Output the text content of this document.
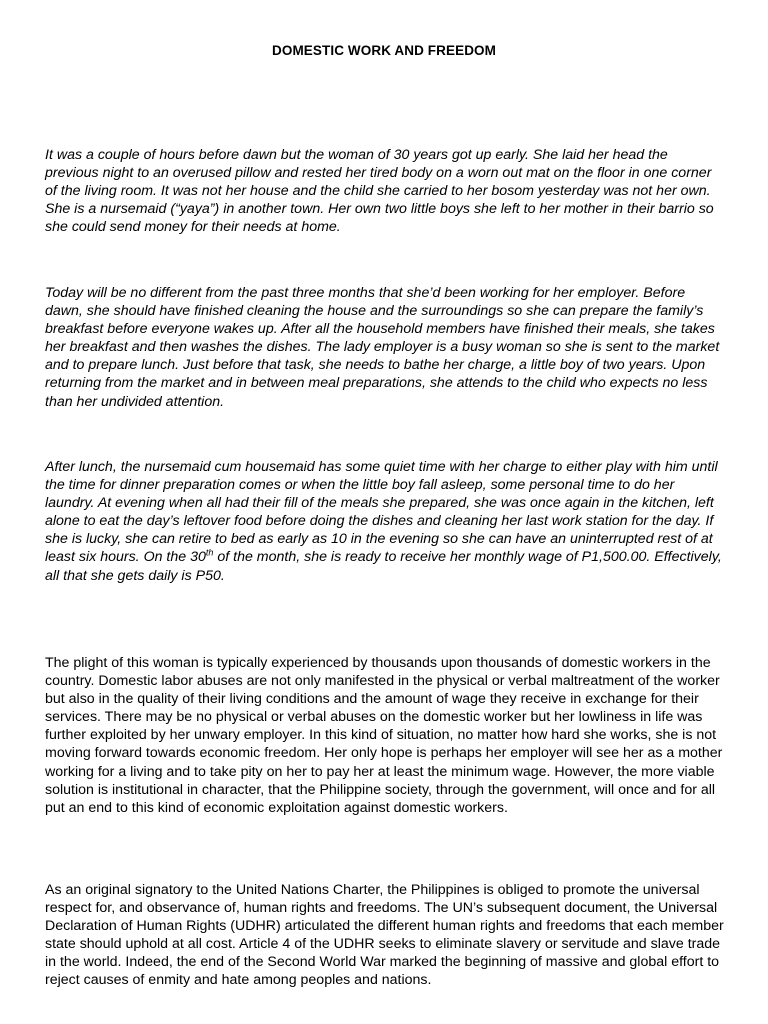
DOMESTIC WORK AND FREEDOM

It was a couple of hours before dawn but the woman of 30 years got up early. She laid her head the previous night to an overused pillow and rested her tired body on a worn out mat on the floor in one corner of the living room. It was not her house and the child she carried to her bosom yesterday was not her own. She is a nursemaid (“yaya”) in another town. Her own two little boys she left to her mother in their barrio so she could send money for their needs at home.

Today will be no different from the past three months that she’d been working for her employer. Before dawn, she should have finished cleaning the house and the surroundings so she can prepare the family’s breakfast before everyone wakes up. After all the household members have finished their meals, she takes her breakfast and then washes the dishes. The lady employer is a busy woman so she is sent to the market and to prepare lunch. Just before that task, she needs to bathe her charge, a little boy of two years. Upon returning from the market and in between meal preparations, she attends to the child who expects no less than her undivided attention.

After lunch, the nursemaid cum housemaid has some quiet time with her charge to either play with him until the time for dinner preparation comes or when the little boy fall asleep, some personal time to do her laundry. At evening when all had their fill of the meals she prepared, she was once again in the kitchen, left alone to eat the day’s leftover food before doing the dishes and cleaning her last work station for the day. If she is lucky, she can retire to bed as early as 10 in the evening so she can have an uninterrupted rest of at least six hours. On the 30th of the month, she is ready to receive her monthly wage of P1,500.00. Effectively, all that she gets daily is P50.

The plight of this woman is typically experienced by thousands upon thousands of domestic workers in the country. Domestic labor abuses are not only manifested in the physical or verbal maltreatment of the worker but also in the quality of their living conditions and the amount of wage they receive in exchange for their services. There may be no physical or verbal abuses on the domestic worker but her lowliness in life was further exploited by her unwary employer. In this kind of situation, no matter how hard she works, she is not moving forward towards economic freedom. Her only hope is perhaps her employer will see her as a mother working for a living and to take pity on her to pay her at least the minimum wage. However, the more viable solution is institutional in character, that the Philippine society, through the government, will once and for all put an end to this kind of economic exploitation against domestic workers.

As an original signatory to the United Nations Charter, the Philippines is obliged to promote the universal respect for, and observance of, human rights and freedoms. The UN’s subsequent document, the Universal Declaration of Human Rights (UDHR) articulated the different human rights and freedoms that each member state should uphold at all cost. Article 4 of the UDHR seeks to eliminate slavery or servitude and slave trade in the world. Indeed, the end of the Second World War marked the beginning of massive and global effort to reject causes of enmity and hate among peoples and nations.
